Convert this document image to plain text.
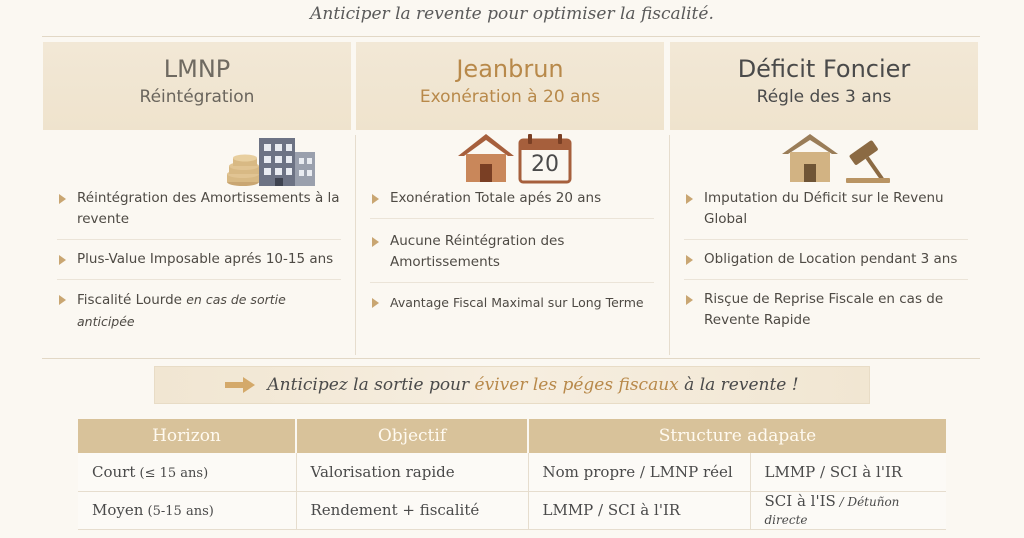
Anticiper la revente pour optimiser la fiscalité.
LMNP
Réintégration
Réintégration des Amortissements à la revente
Plus-Value Imposable aprés 10-15 ans
Fiscalité Lourde en cas de sortie anticipée
Jeanbrun
Exonération à 20 ans
20
Exonération Totale apés 20 ans
Aucune Réintégration des Amortissements
Avantage Fiscal Maximal sur Long Terme
Déficit Foncier
Régle des 3 ans
Imputation du Déficit sur le Revenu Global
Obligation de Location pendant 3 ans
Risçue de Reprise Fiscale en cas de Revente Rapide
Anticipez la sortie pour
éviver les péges fiscaux
à la revente !
Horizon	Objectif	Structure adapate	
Court (≤ 15 ans)	Valorisation rapide	Nom propre / LMNP réel	LMMP / SCI à l'IR
Moyen (5-15 ans)	Rendement + fiscalité	LMMP / SCI à l'IR	SCI à l'IS / Détuñon directe
